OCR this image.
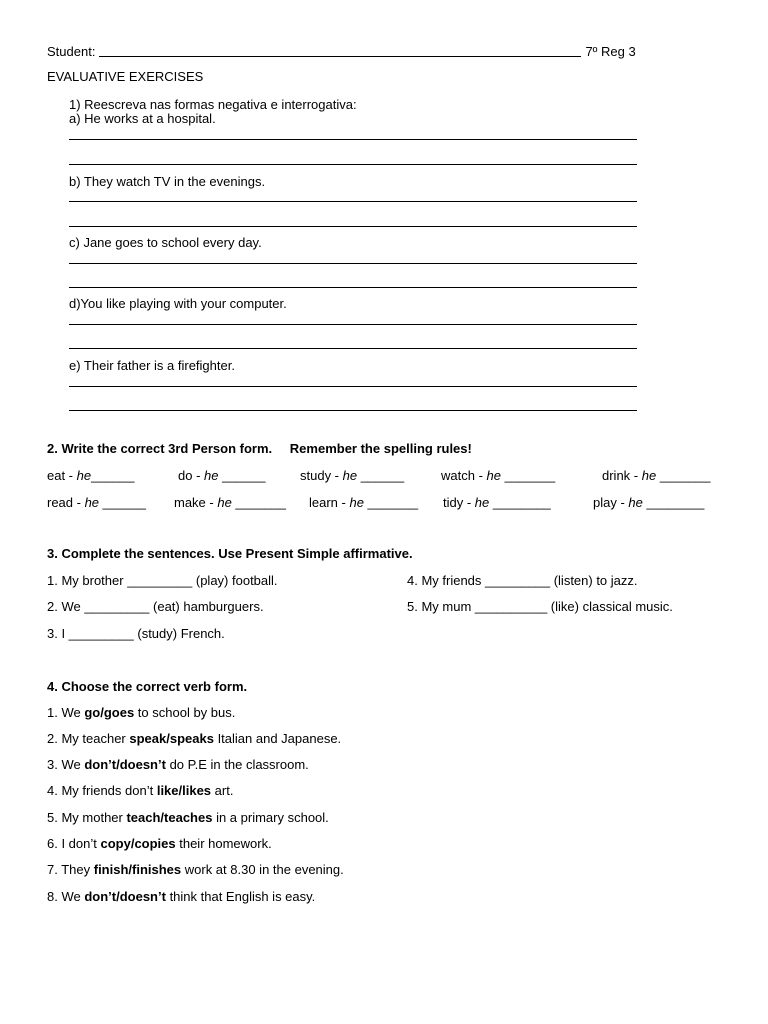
Student:	7º Reg 3
EVALUATIVE EXERCISES
1) Reescreva nas formas negativa e interrogativa:
a) He works at a hospital.
b) They watch TV in the evenings.
c) Jane goes to school every day.
d)You like playing with your computer.
e) Their father is a firefighter.
2. Write the correct 3rd Person form. Remember the spelling rules!
eat - he______	do - he ______	study - he ______	watch - he _______	drink - he _______
read - he ______ make - he _______ learn - he _______ tidy - he ________	play - he ________
3. Complete the sentences. Use Present Simple affirmative.
1. My brother _________ (play) football.
2. We _________ (eat) hamburguers.
3. I _________ (study) French.
4. My friends _________ (listen) to jazz.
5. My mum __________ (like) classical music.
4. Choose the correct verb form.
1. We go/goes to school by bus.
2. My teacher speak/speaks Italian and Japanese.
3. We don’t/doesn’t do P.E in the classroom.
4. My friends don’t like/likes art.
5. My mother teach/teaches in a primary school.
6. I don’t copy/copies their homework.
7. They finish/finishes work at 8.30 in the evening.
8. We don’t/doesn’t think that English is easy.
